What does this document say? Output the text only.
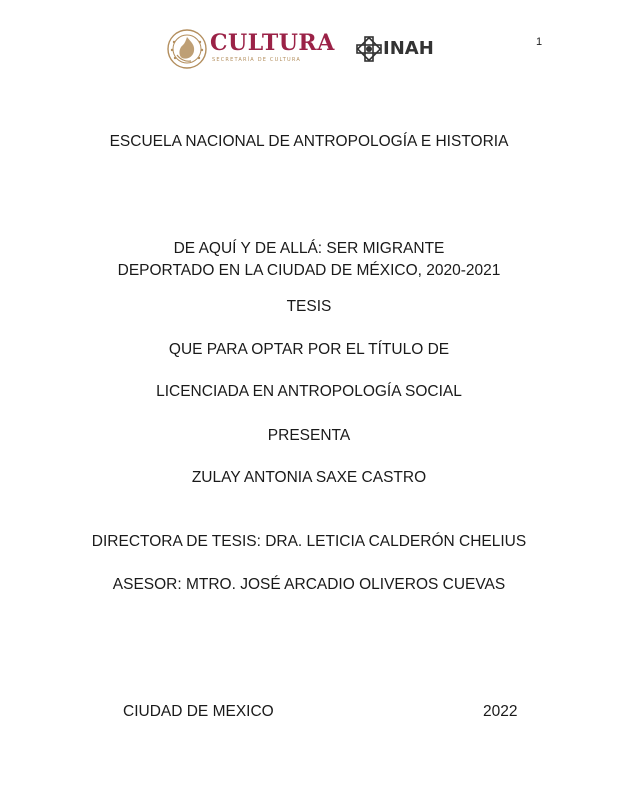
CULTURA
SECRETARÍA DE CULTURA
INAH	1
ESCUELA NACIONAL DE ANTROPOLOGÍA E HISTORIA
DE AQUÍ Y DE ALLÁ: SER MIGRANTE
DEPORTADO EN LA CIUDAD DE MÉXICO, 2020-2021
TESIS
QUE PARA OPTAR POR EL TÍTULO DE
LICENCIADA EN ANTROPOLOGÍA SOCIAL
PRESENTA
ZULAY ANTONIA SAXE CASTRO
DIRECTORA DE TESIS: DRA. LETICIA CALDERÓN CHELIUS
ASESOR: MTRO. JOSÉ ARCADIO OLIVEROS CUEVAS
CIUDAD DE MEXICO	2022
